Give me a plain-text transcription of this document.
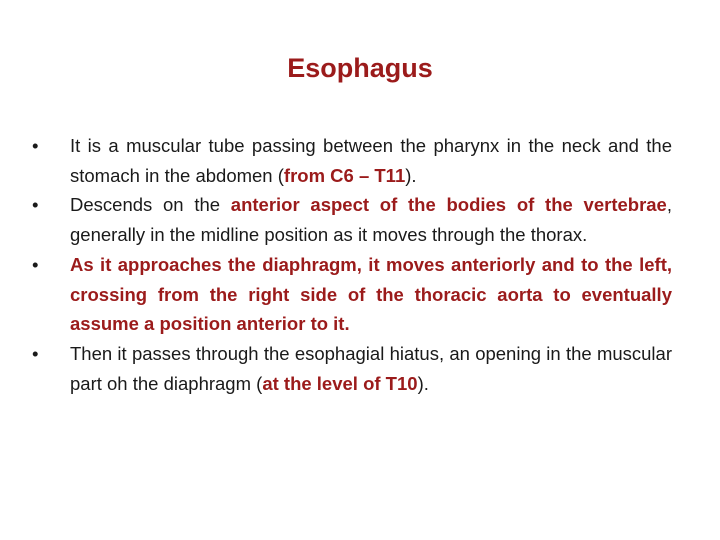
Esophagus
•	It is a muscular tube passing between the pharynx in the neck and the stomach in the abdomen (from C6 – T11).
•	Descends on the anterior aspect of the bodies of the vertebrae, generally in the midline position as it moves through the thorax.
•	As it approaches the diaphragm, it moves anteriorly and to the left, crossing from the right side of the thoracic aorta to eventually assume a position anterior to it.
•	Then it passes through the esophagial hiatus, an opening in the muscular part oh the diaphragm (at the level of T10).
